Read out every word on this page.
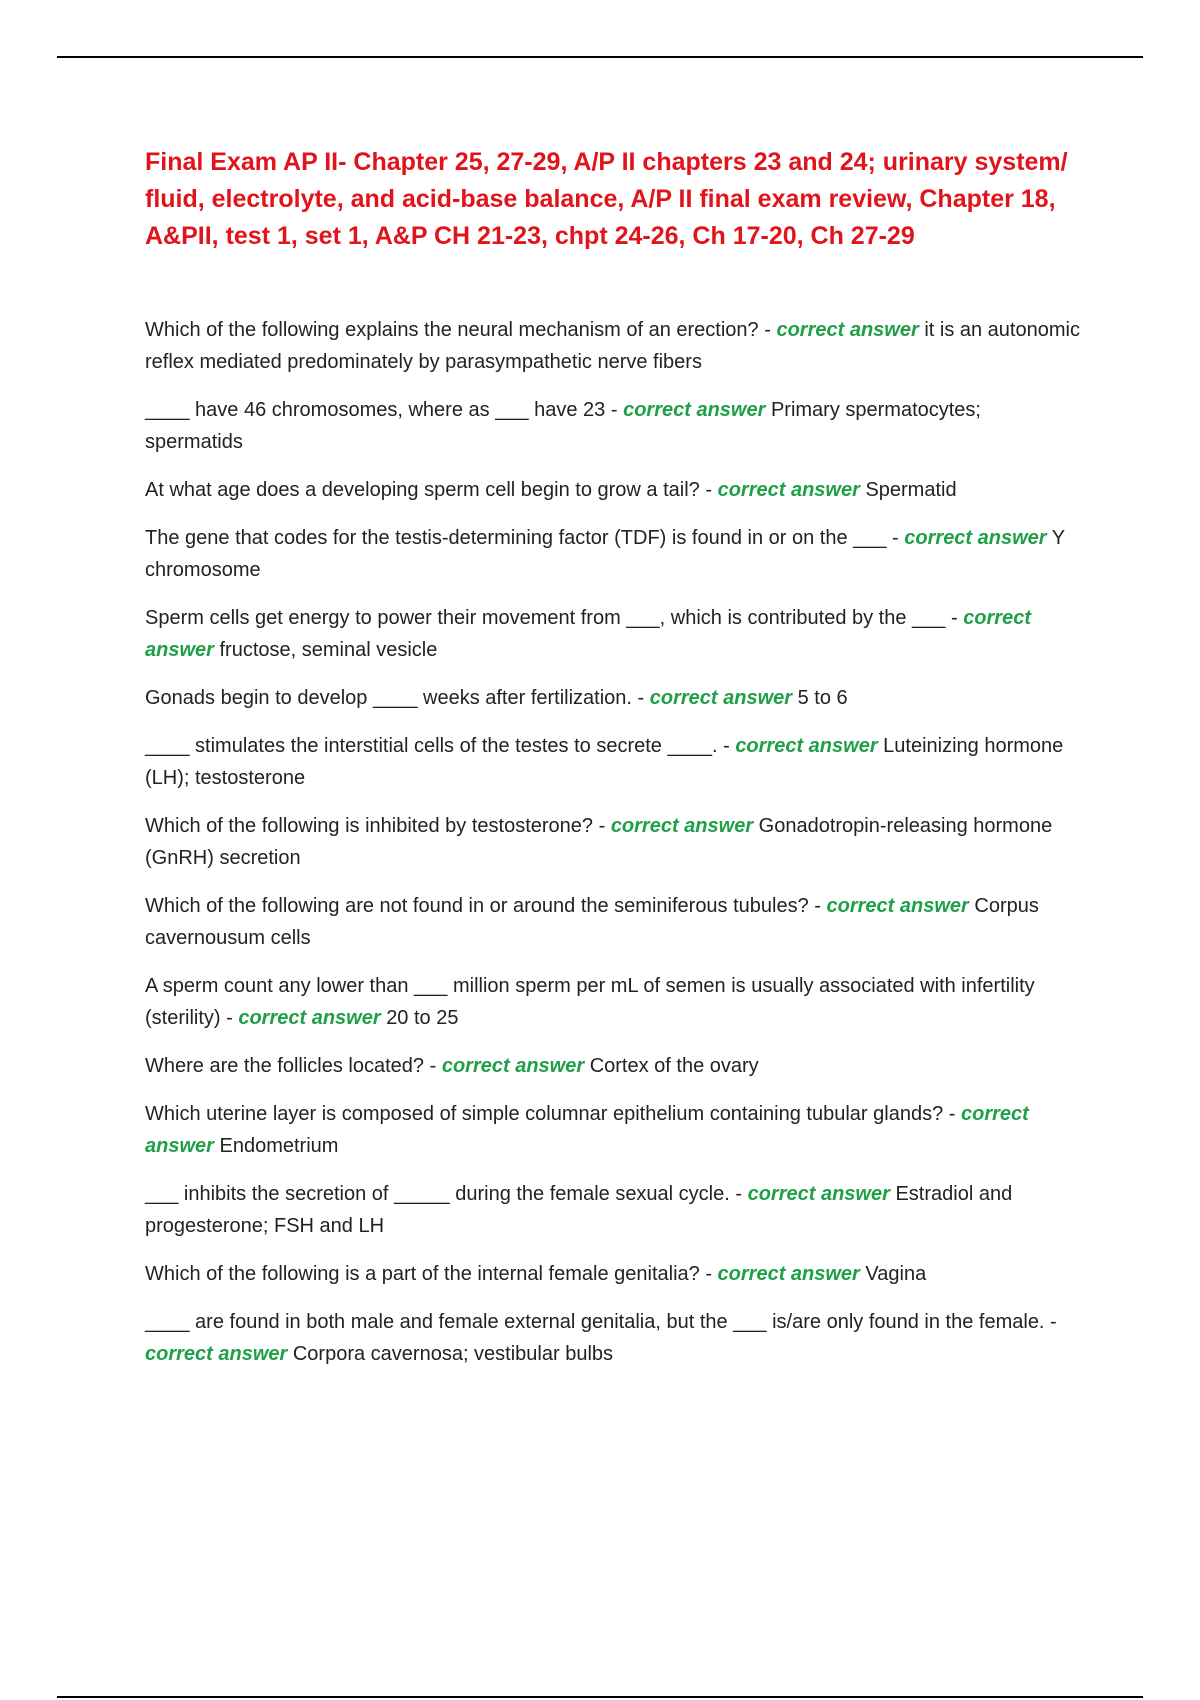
Final Exam AP II- Chapter 25, 27-29, A/P II chapters 23 and 24; urinary system/ fluid, electrolyte, and acid-base balance, A/P II final exam review, Chapter 18, A&PII, test 1, set 1, A&P CH 21-23, chpt 24-26, Ch 17-20, Ch 27-29
Which of the following explains the neural mechanism of an erection? - correct answer it is an autonomic reflex mediated predominately by parasympathetic nerve fibers
____ have 46 chromosomes, where as ___ have 23 - correct answer Primary spermatocytes; spermatids
At what age does a developing sperm cell begin to grow a tail? - correct answer Spermatid
The gene that codes for the testis-determining factor (TDF) is found in or on the ___ - correct answer Y chromosome
Sperm cells get energy to power their movement from ___, which is contributed by the ___ - correct answer fructose, seminal vesicle
Gonads begin to develop ____ weeks after fertilization. - correct answer 5 to 6
____ stimulates the interstitial cells of the testes to secrete ____. - correct answer Luteinizing hormone (LH); testosterone
Which of the following is inhibited by testosterone? - correct answer Gonadotropin-releasing hormone (GnRH) secretion
Which of the following are not found in or around the seminiferous tubules? - correct answer Corpus cavernousum cells
A sperm count any lower than ___ million sperm per mL of semen is usually associated with infertility (sterility) - correct answer 20 to 25
Where are the follicles located? - correct answer Cortex of the ovary
Which uterine layer is composed of simple columnar epithelium containing tubular glands? - correct answer Endometrium
___ inhibits the secretion of _____ during the female sexual cycle. - correct answer Estradiol and progesterone; FSH and LH
Which of the following is a part of the internal female genitalia? - correct answer Vagina
____ are found in both male and female external genitalia, but the ___ is/are only found in the female. - correct answer Corpora cavernosa; vestibular bulbs
